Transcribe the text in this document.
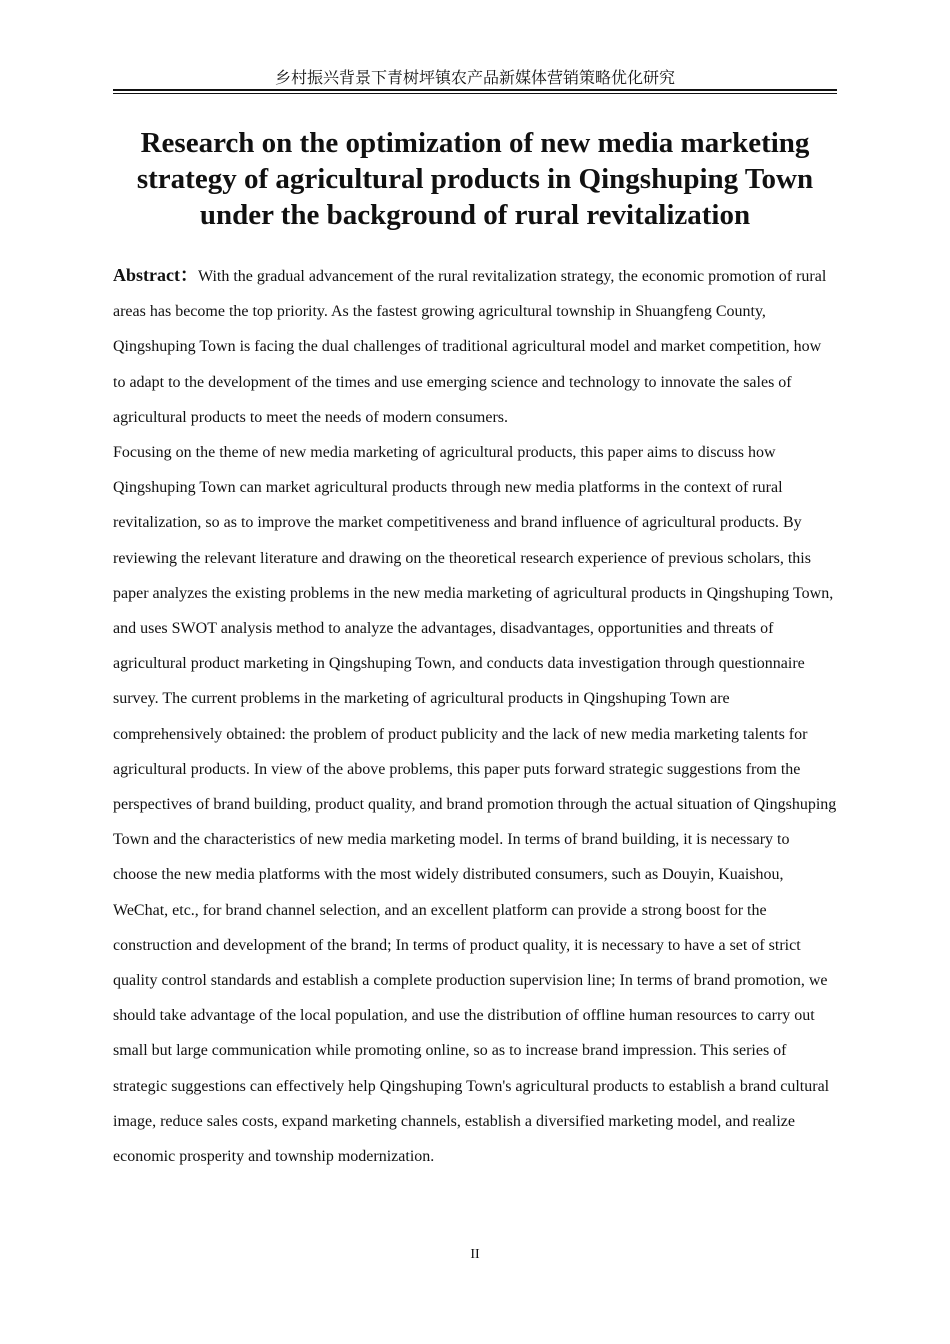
乡村振兴背景下青树坪镇农产品新媒体营销策略优化研究
Research on the optimization of new media marketing strategy of agricultural products in Qingshuping Town under the background of rural revitalization

Abstract：With the gradual advancement of the rural revitalization strategy, the economic promotion of rural areas has become the top priority. As the fastest growing agricultural township in Shuangfeng County, Qingshuping Town is facing the dual challenges of traditional agricultural model and market competition, how to adapt to the development of the times and use emerging science and technology to innovate the sales of agricultural products to meet the needs of modern consumers.

Focusing on the theme of new media marketing of agricultural products, this paper aims to discuss how Qingshuping Town can market agricultural products through new media platforms in the context of rural revitalization, so as to improve the market competitiveness and brand influence of agricultural products. By reviewing the relevant literature and drawing on the theoretical research experience of previous scholars, this paper analyzes the existing problems in the new media marketing of agricultural products in Qingshuping Town, and uses SWOT analysis method to analyze the advantages, disadvantages, opportunities and threats of agricultural product marketing in Qingshuping Town, and conducts data investigation through questionnaire survey. The current problems in the marketing of agricultural products in Qingshuping Town are comprehensively obtained: the problem of product publicity and the lack of new media marketing talents for agricultural products. In view of the above problems, this paper puts forward strategic suggestions from the perspectives of brand building, product quality, and brand promotion through the actual situation of Qingshuping Town and the characteristics of new media marketing model. In terms of brand building, it is necessary to choose the new media platforms with the most widely distributed consumers, such as Douyin, Kuaishou, WeChat, etc., for brand channel selection, and an excellent platform can provide a strong boost for the construction and development of the brand; In terms of product quality, it is necessary to have a set of strict quality control standards and establish a complete production supervision line; In terms of brand promotion, we should take advantage of the local population, and use the distribution of offline human resources to carry out small but large communication while promoting online, so as to increase brand impression. This series of strategic suggestions can effectively help Qingshuping Town's agricultural products to establish a brand cultural image, reduce sales costs, expand marketing channels, establish a diversified marketing model, and realize economic prosperity and township modernization.

II
